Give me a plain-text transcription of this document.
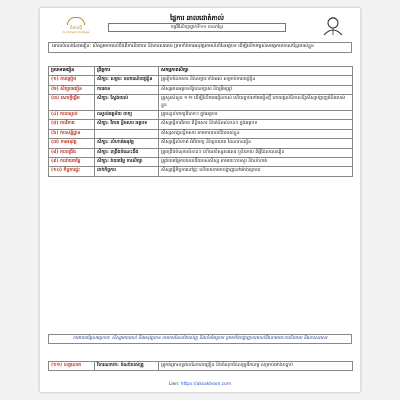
ជំនាន់ថ្មី
Au Kmerk College
ផ្ទៃការ ឆាលដោតំភាល់
កម្មវិធីសិក្សាថ្នាក់ទី១១ ភាសាខ្មែរ
គោលបំណងនៃមេរៀន: សិស្សអាចយល់ដឹងពីការនិយាយ និងការសរសេរ ព្រមទាំងការអនុវត្តតាមលំនាំនៃអត្ថបទ ដើម្បីលើកកម្ពស់សមត្ថភាពភាសាខ្មែររបស់ខ្លួន
ប្រភេទមេរៀន	ព្រឹត្តការ	សកម្មភាពសិក្សា
(១) ការត្រៀម	សិក្សា: សម្ភារៈ ឧបករណ៍បង្រៀន	គ្រូរៀបចំឯកសារ និងសម្ភារៈទាំងអស់ សម្រាប់ការបង្រៀន
(២) សិក្សាមេរៀន	ការអាន	សិស្សអានអត្ថបទឱ្យបានច្បាស់ និងត្រឹមត្រូវ
(៣) សេចក្ដីផ្តើម	សិក្សា: ស្វែងយល់	គ្រូសួរសំណួរ ១-២ ដើម្បីរំលឹកមេរៀនចាស់ ហើយភ្ជាប់ទៅមេរៀនថ្មី ដោយផ្ដល់ឱកាសឱ្យសិស្សបង្ហាញគំនិតរបស់ខ្លួន
(៤) ការពន្យល់	ពន្យល់អត្ថន័យ ពាក្យ	គ្រូពន្យល់ពាក្យពិបាកៗ ក្នុងអត្ថបទ
(៥) ការវិភាគ	សិក្សា: វិភាគ ខ្លឹមសារ អត្ថបទ	សិស្សធ្វើការវិភាគ ពីខ្លឹមសារ និងគំនិតសំខាន់ៗ ក្នុងអត្ថបទ
(៦) ការសន្និដ្ឋាន		សិស្សសង្ខេបខ្លឹមសារ តាមការយល់ដឹងរបស់ខ្លួន
(៧) ការអនុវត្ត	សិក្សា: លំហាត់អនុវត្ត	សិស្សធ្វើលំហាត់ អំពីពាក្យ និងប្រយោគ ដែលបានរៀន
(៨) ការពង្រឹង	សិក្សា: ពង្រឹងចំណេះដឹង	គ្រូពង្រឹងចំណុចសំខាន់ៗ ហើយសិស្សសរសេរ ឬនិយាយ ពីអ្វីដែលបានរៀន
(៩) ការវាយតម្លៃ	សិក្សា: វាយតម្លៃ ការសិក្សា	គ្រូវាយតម្លៃការយល់ដឹងរបស់សិស្ស តាមរយៈការសួរ និងលំហាត់
(១០) កិច្ចការផ្ទះ	ដាក់កិច្ចការ	សិស្សធ្វើកិច្ចការនៅផ្ទះ ហើយយកមកបង្ហាញនៅម៉ោងក្រោយ
ការវាយតម្លៃសមត្ថភាព: សិស្សអាចយល់ និងអនុវត្តបាន តាមការណែនាំរបស់គ្រូ និងលំនាំអត្ថបទ ព្រមទាំងបង្ហាញការយល់ដឹងតាមរយៈការនិយាយ និងការសរសេរ
(១១) ហត្ថលេខា	វិចារណកថា: ចំណាំរបស់គ្រូ	គ្រូកត់ត្រាលទ្ធផលនៃការបង្រៀន និងចំណុចដែលត្រូវកែលម្អ សម្រាប់ម៉ោងបន្ទាប់
Lien: https://aksakhoon.com
